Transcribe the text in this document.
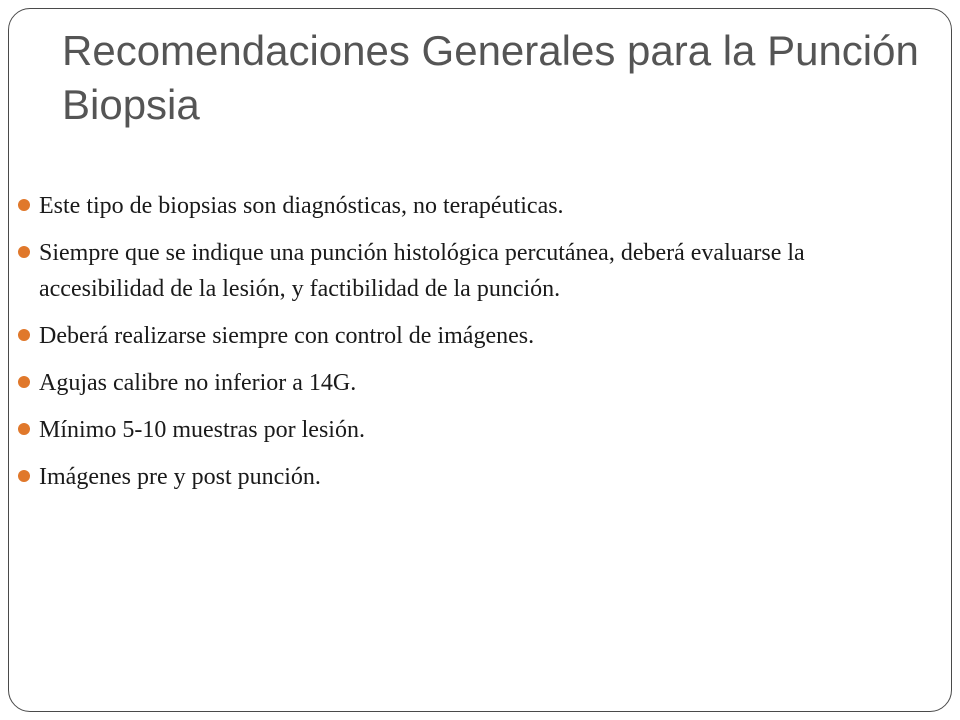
Recomendaciones Generales para la Punción Biopsia
Este tipo de biopsias son diagnósticas, no terapéuticas.
Siempre que se indique una punción histológica percutánea, deberá evaluarse la accesibilidad de la lesión, y factibilidad de la punción.
Deberá realizarse siempre con control de imágenes.
Agujas calibre no inferior a 14G.
Mínimo 5-10 muestras por lesión.
Imágenes pre y post punción.
